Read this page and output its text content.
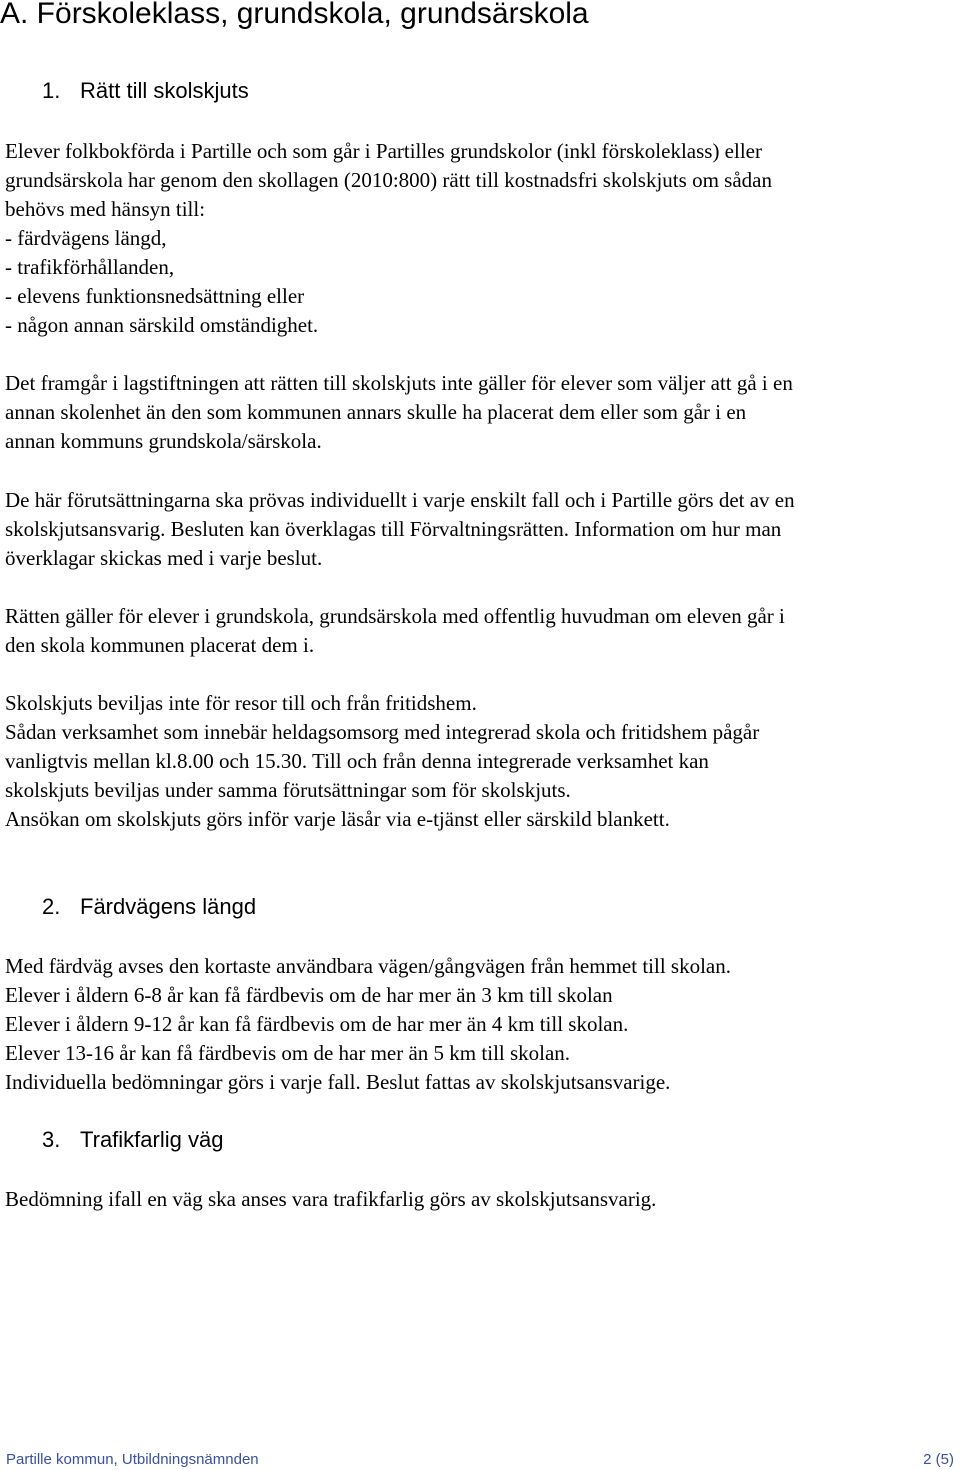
A. Förskoleklass, grundskola, grundsärskola
1. Rätt till skolskjuts
Elever folkbokförda i Partille och som går i Partilles grundskolor (inkl förskoleklass) eller
grundsärskola har genom den skollagen (2010:800) rätt till kostnadsfri skolskjuts om sådan
behövs med hänsyn till:
- färdvägens längd,
- trafikförhållanden,
- elevens funktionsnedsättning eller
- någon annan särskild omständighet.
Det framgår i lagstiftningen att rätten till skolskjuts inte gäller för elever som väljer att gå i en
annan skolenhet än den som kommunen annars skulle ha placerat dem eller som går i en
annan kommuns grundskola/särskola.
De här förutsättningarna ska prövas individuellt i varje enskilt fall och i Partille görs det av en
skolskjutsansvarig. Besluten kan överklagas till Förvaltningsrätten. Information om hur man
överklagar skickas med i varje beslut.
Rätten gäller för elever i grundskola, grundsärskola med offentlig huvudman om eleven går i
den skola kommunen placerat dem i.
Skolskjuts beviljas inte för resor till och från fritidshem.
Sådan verksamhet som innebär heldagsomsorg med integrerad skola och fritidshem pågår
vanligtvis mellan kl.8.00 och 15.30. Till och från denna integrerade verksamhet kan
skolskjuts beviljas under samma förutsättningar som för skolskjuts.
Ansökan om skolskjuts görs inför varje läsår via e-tjänst eller särskild blankett.
2. Färdvägens längd
Med färdväg avses den kortaste användbara vägen/gångvägen från hemmet till skolan.
Elever i åldern 6-8 år kan få färdbevis om de har mer än 3 km till skolan
Elever i åldern 9-12 år kan få färdbevis om de har mer än 4 km till skolan.
Elever 13-16 år kan få färdbevis om de har mer än 5 km till skolan.
Individuella bedömningar görs i varje fall. Beslut fattas av skolskjutsansvarige.
3. Trafikfarlig väg
Bedömning ifall en väg ska anses vara trafikfarlig görs av skolskjutsansvarig.
Partille kommun, Utbildningsnämnden	2 (5)
